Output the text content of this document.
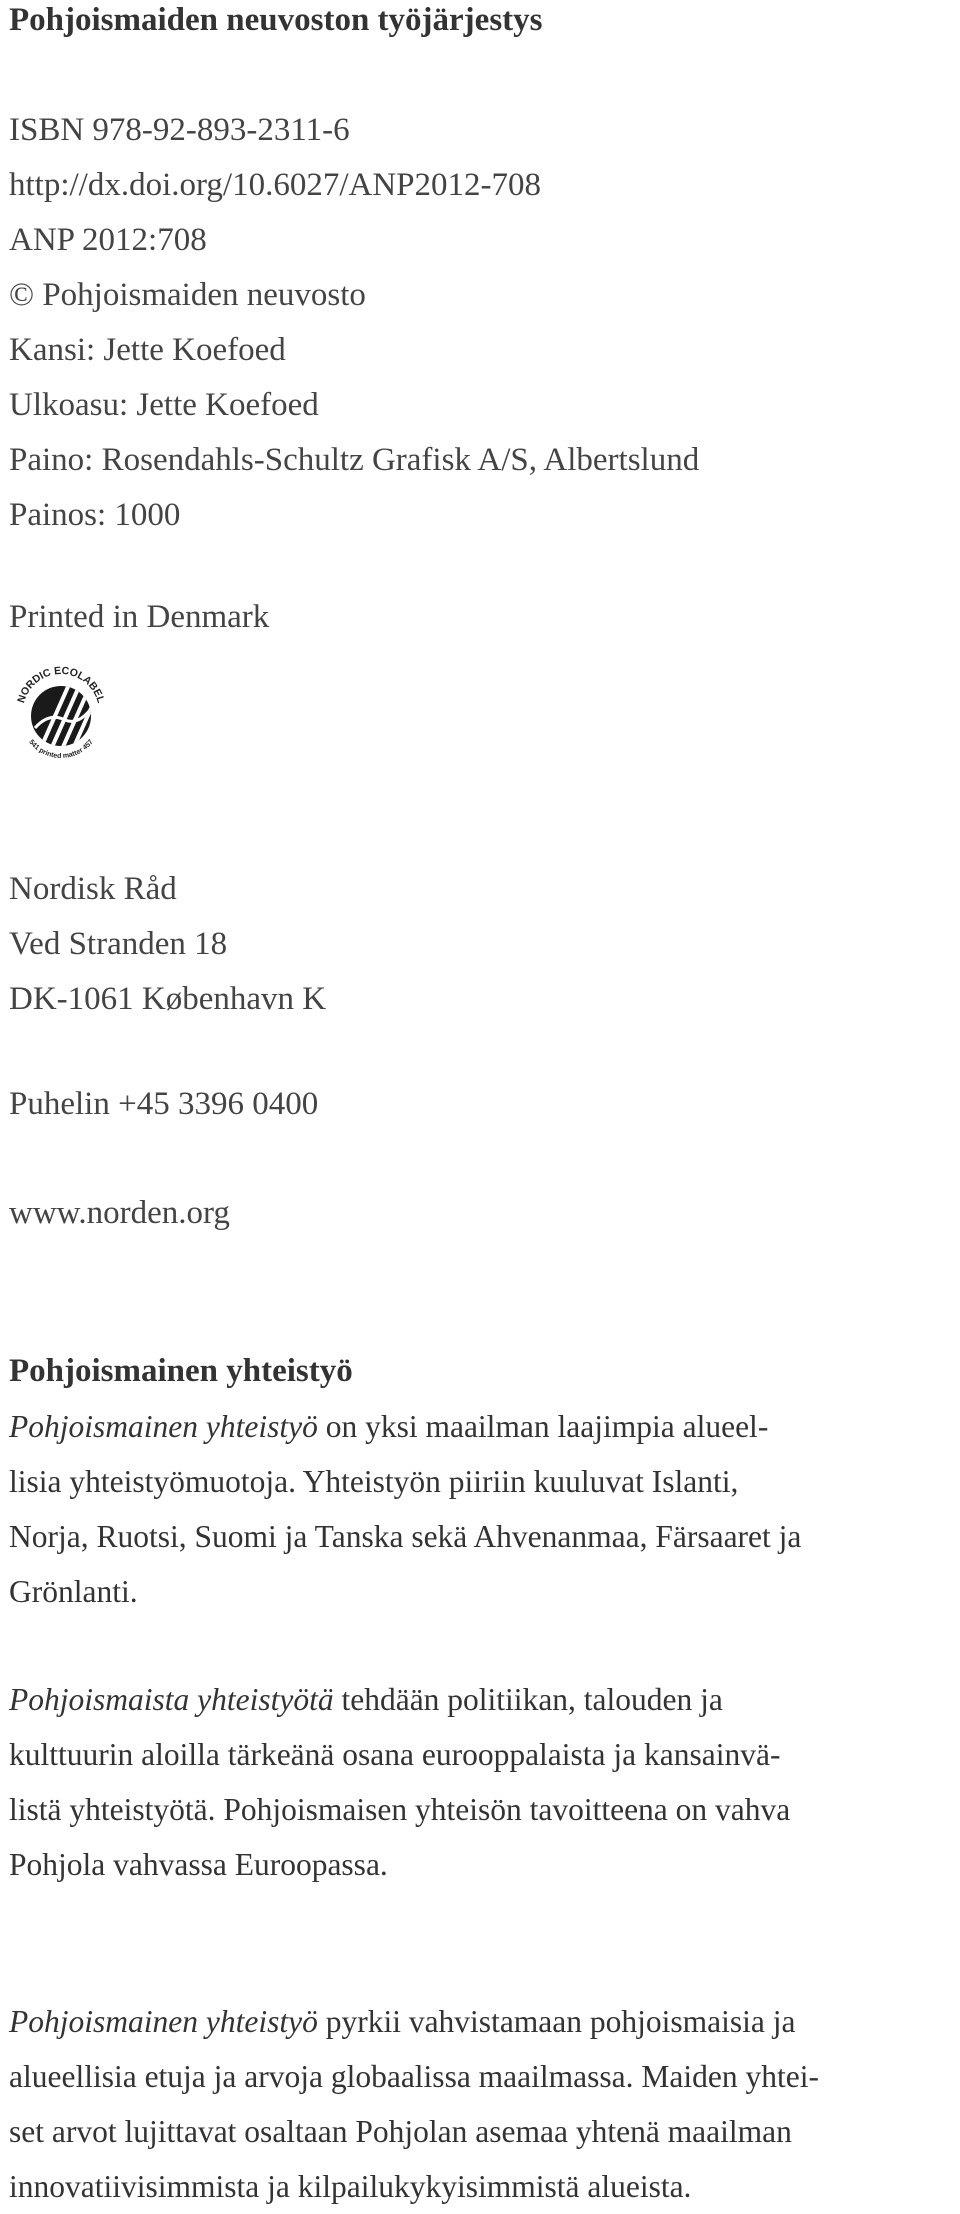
Pohjoismaiden neuvoston työjärjestys
ISBN 978-92-893-2311-6
http://dx.doi.org/10.6027/ANP2012-708
ANP 2012:708
© Pohjoismaiden neuvosto
Kansi: Jette Koefoed
Ulkoasu: Jette Koefoed
Paino: Rosendahls-Schultz Grafisk A/S, Albertslund
Painos: 1000
Printed in Denmark
NORDIC ECOLABEL
541 printed matter 457
Nordisk Råd
Ved Stranden 18
DK-1061 København K
Puhelin +45 3396 0400
www.norden.org
Pohjoismainen yhteistyö
Pohjoismainen yhteistyö on yksi maailman laajimpia alueel-
lisia yhteistyömuotoja. Yhteistyön piiriin kuuluvat Islanti,
Norja, Ruotsi, Suomi ja Tanska sekä Ahvenanmaa, Färsaaret ja
Grönlanti.
Pohjoismaista yhteistyötä tehdään politiikan, talouden ja
kulttuurin aloilla tärkeänä osana eurooppalaista ja kansainvä-
listä yhteistyötä. Pohjoismaisen yhteisön tavoitteena on vahva
Pohjola vahvassa Euroopassa.
Pohjoismainen yhteistyö pyrkii vahvistamaan pohjoismaisia ja
alueellisia etuja ja arvoja globaalissa maailmassa. Maiden yhtei-
set arvot lujittavat osaltaan Pohjolan asemaa yhtenä maailman
innovatiivisimmista ja kilpailukykyisimmistä alueista.
